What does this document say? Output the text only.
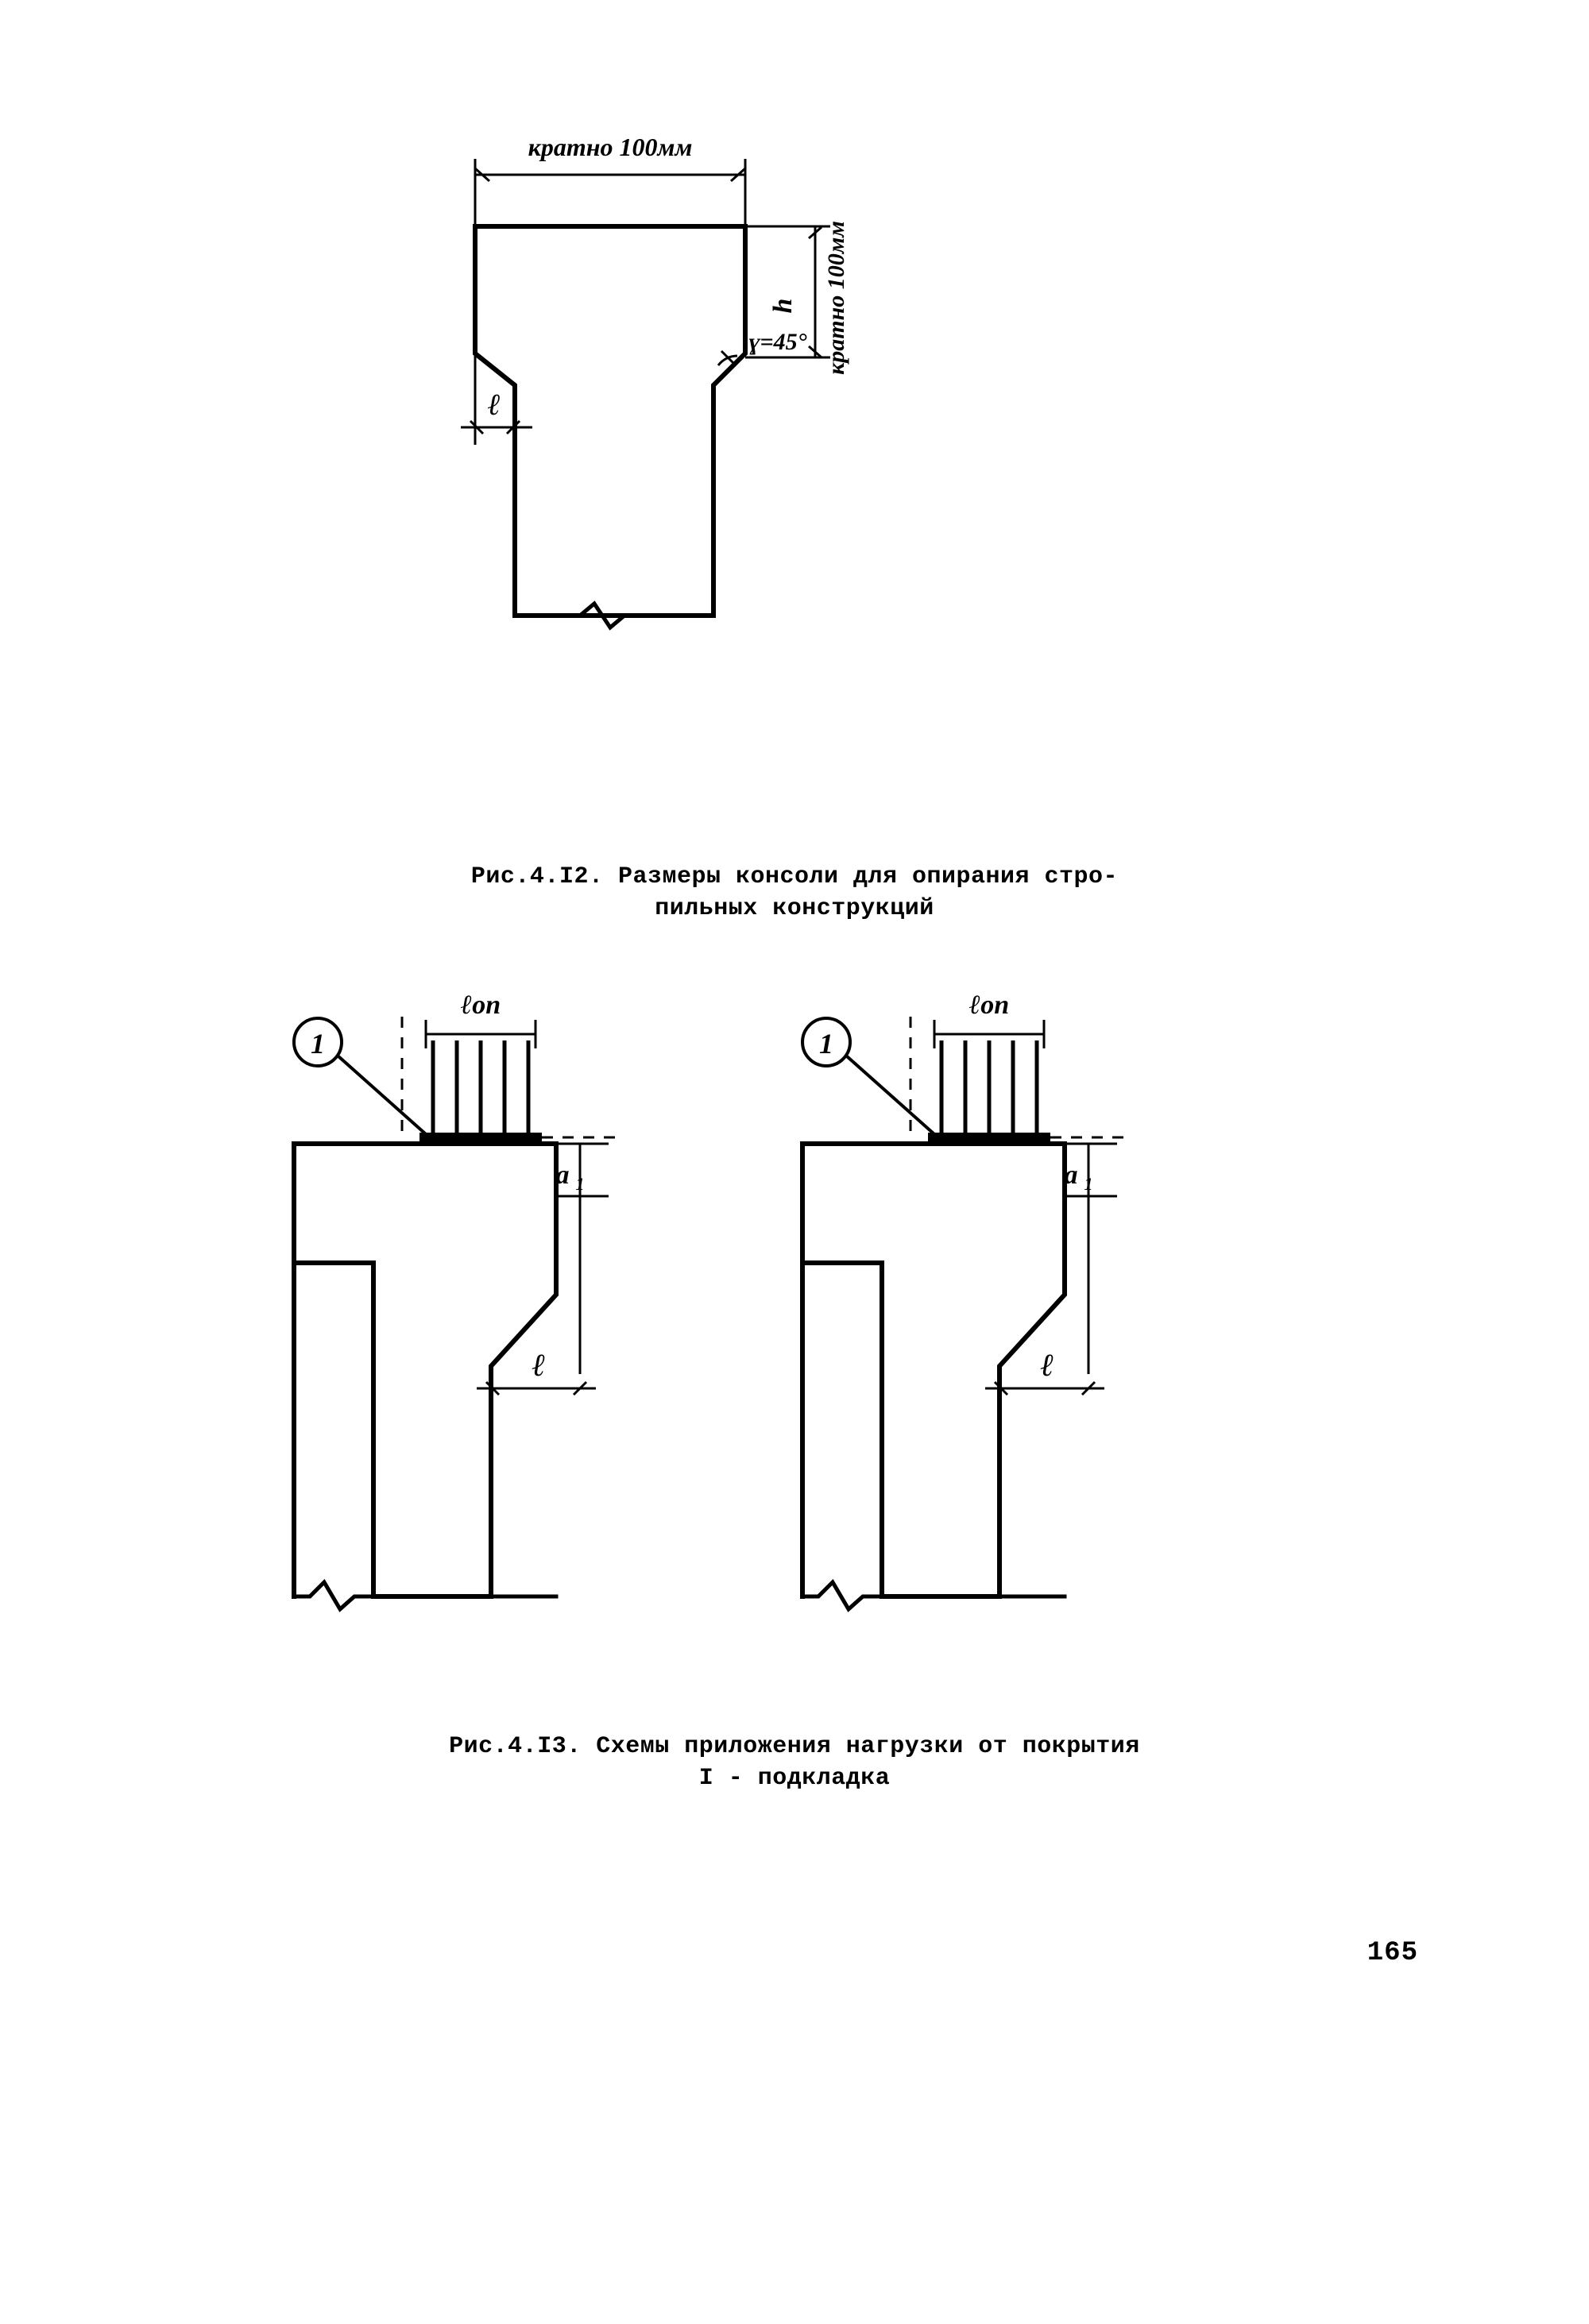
кратно 100мм
кратно 100мм
h
ɣ=45°
ℓ
Рис.4.I2. Размеры консоли для опирания стро-
пильных конструкций
ℓоп
1
a 1
ℓ
ℓоп
1
a 1
ℓ
Рис.4.I3. Схемы приложения нагрузки от покрытия
I - подкладка
165
